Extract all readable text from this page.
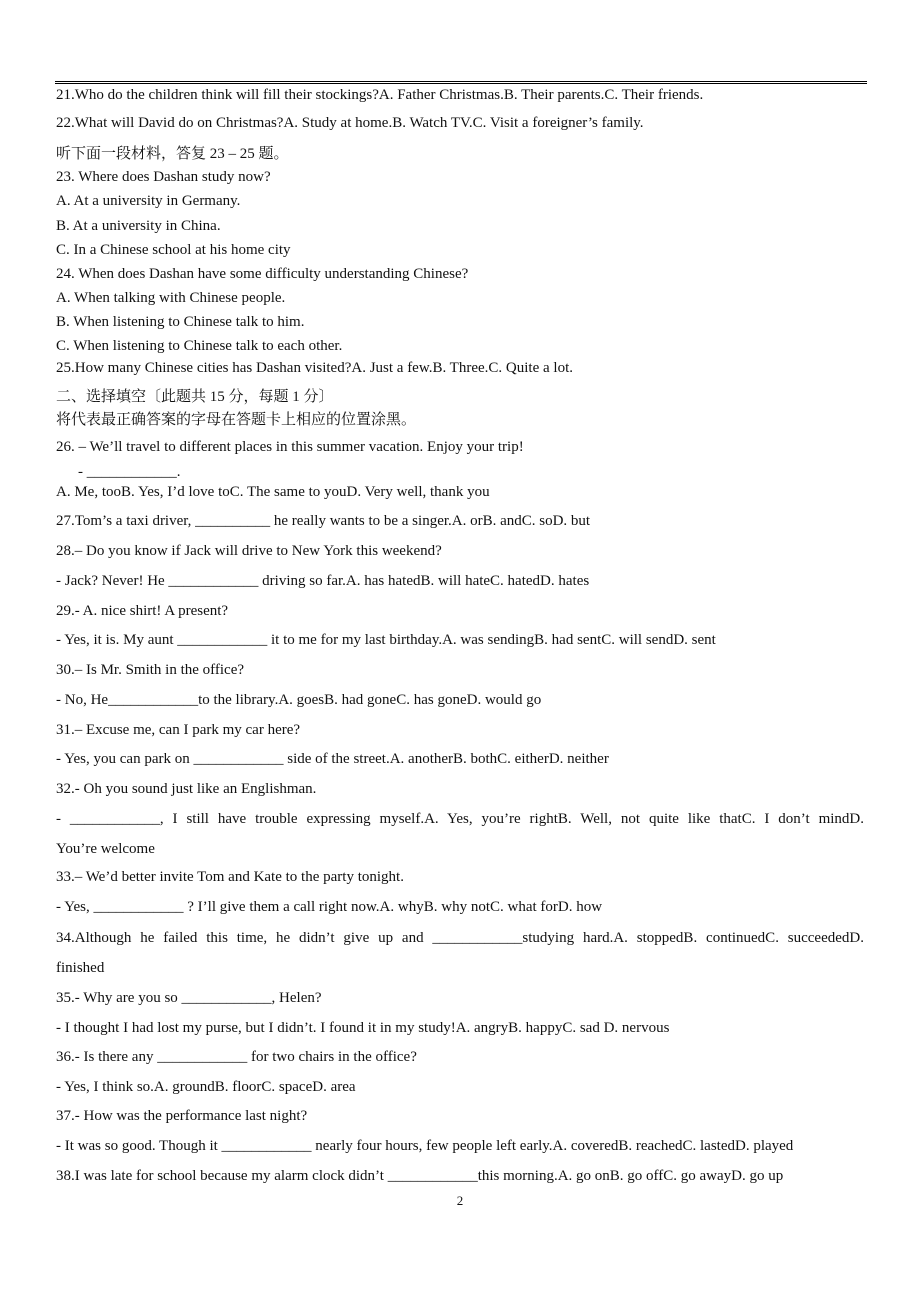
21.Who do the children think will fill their stockings?A. Father Christmas.B. Their parents.C. Their friends.
22.What will David do on Christmas?A. Study at home.B. Watch TV.C. Visit a foreigner’s family.
听下面一段材料，答复 23 – 25 题。
23. Where does Dashan study now?
A. At a university in Germany.
B. At a university in China.
C. In a Chinese school at his home city
24. When does Dashan have some difficulty understanding Chinese?
A. When talking with Chinese people.
B. When listening to Chinese talk to him.
C. When listening to Chinese talk to each other.
25.How many Chinese cities has Dashan visited?A. Just a few.B. Three.C. Quite a lot.
二、选择填空〔此题共 15 分，每题 1 分〕
将代表最正确答案的字母在答题卡上相应的位置涂黑。
26. – We’ll travel to different places in this summer vacation. Enjoy your trip!
- ____________.
A. Me, tooB. Yes, I’d love toC. The same to youD. Very well, thank you
27.Tom’s a taxi driver, __________ he really wants to be a singer.A. orB. andC. soD. but
28.– Do you know if Jack will drive to New York this weekend?
- Jack? Never! He ____________ driving so far.A. has hatedB. will hateC. hatedD. hates
29.- A. nice shirt! A present?
- Yes, it is. My aunt ____________ it to me for my last birthday.A. was sendingB. had sentC. will sendD. sent
30.– Is Mr. Smith in the office?
- No, He____________to the library.A. goesB. had goneC. has goneD. would go
31.– Excuse me, can I park my car here?
- Yes, you can park on ____________ side of the street.A. anotherB. bothC. eitherD. neither
32.- Oh you sound just like an Englishman.
- ____________, I still have trouble expressing myself.A. Yes, you’re rightB. Well, not quite like thatC. I don’t mindD.
You’re welcome
33.– We’d better invite Tom and Kate to the party tonight.
- Yes, ____________ ? I’ll give them a call right now.A. whyB. why notC. what forD. how
34.Although he failed this time, he didn’t give up and ____________studying hard.A. stoppedB. continuedC. succeededD.
finished
35.- Why are you so ____________, Helen?
- I thought I had lost my purse, but I didn’t. I found it in my study!A. angryB. happyC. sad D. nervous
36.- Is there any ____________ for two chairs in the office?
- Yes, I think so.A. groundB. floorC. spaceD. area
37.- How was the performance last night?
- It was so good. Though it ____________ nearly four hours, few people left early.A. coveredB. reachedC. lastedD. played
38.I was late for school because my alarm clock didn’t ____________this morning.A. go onB. go offC. go awayD. go up
2
